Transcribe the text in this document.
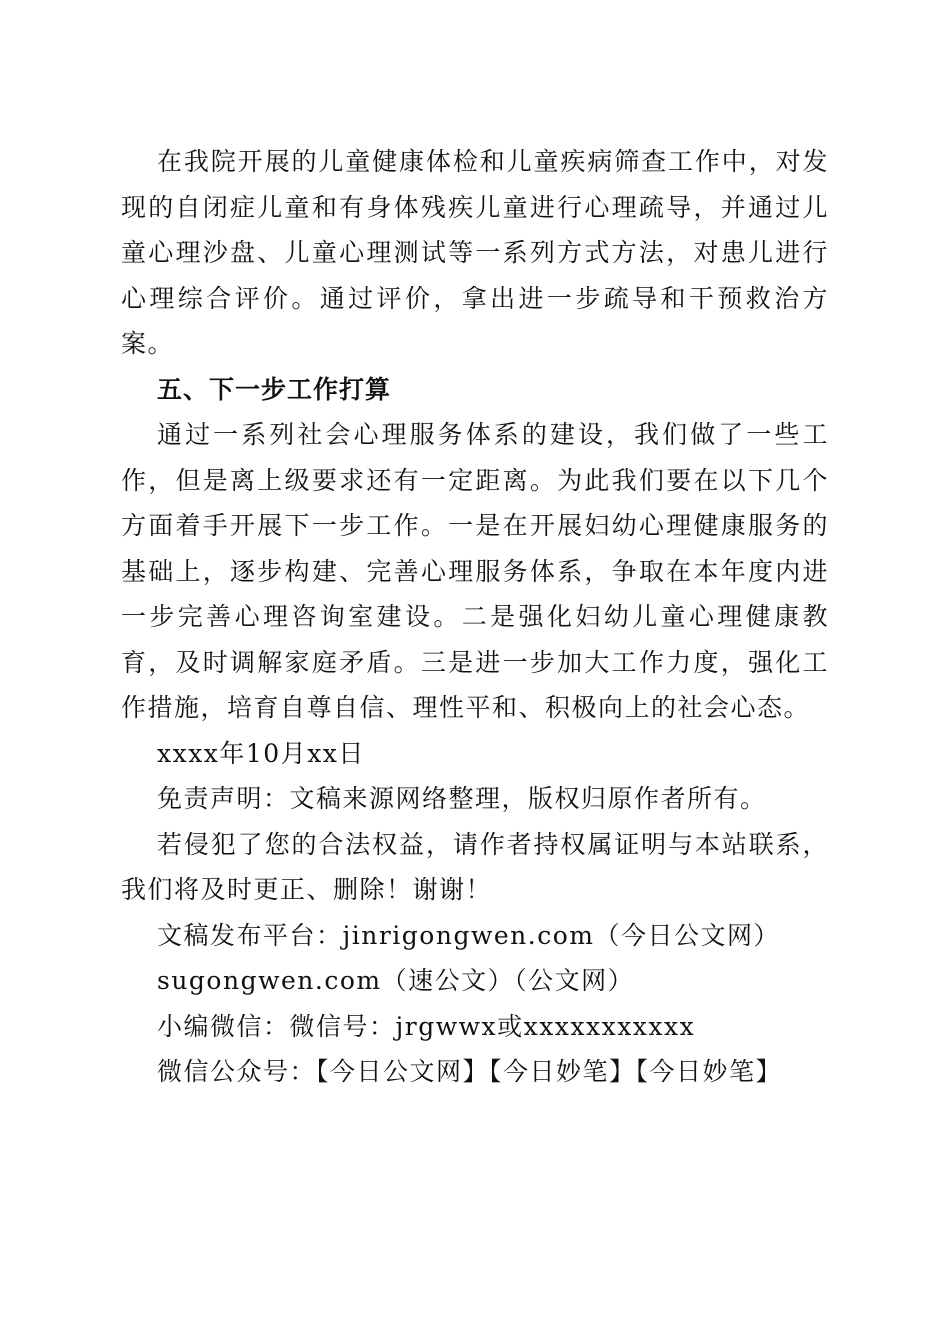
在我院开展的儿童健康体检和儿童疾病筛查工作中，对发现的自闭症儿童和有身体残疾儿童进行心理疏导，并通过儿童心理沙盘、儿童心理测试等一系列方式方法，对患儿进行心理综合评价。通过评价，拿出进一步疏导和干预救治方案。

五、下一步工作打算

通过一系列社会心理服务体系的建设，我们做了一些工作，但是离上级要求还有一定距离。为此我们要在以下几个方面着手开展下一步工作。一是在开展妇幼心理健康服务的基础上，逐步构建、完善心理服务体系，争取在本年度内进一步完善心理咨询室建设。二是强化妇幼儿童心理健康教育，及时调解家庭矛盾。三是进一步加大工作力度，强化工作措施，培育自尊自信、理性平和、积极向上的社会心态。

xxxx年10月xx日

免责声明：文稿来源网络整理，版权归原作者所有。

若侵犯了您的合法权益，请作者持权属证明与本站联系，我们将及时更正、删除！谢谢！

文稿发布平台：jinrigongwen.com（今日公文网）

sugongwen.com（速公文）（公文网）

小编微信：微信号：jrgwwx或xxxxxxxxxxx

微信公众号：【今日公文网】【今日妙笔】【今日妙笔】
